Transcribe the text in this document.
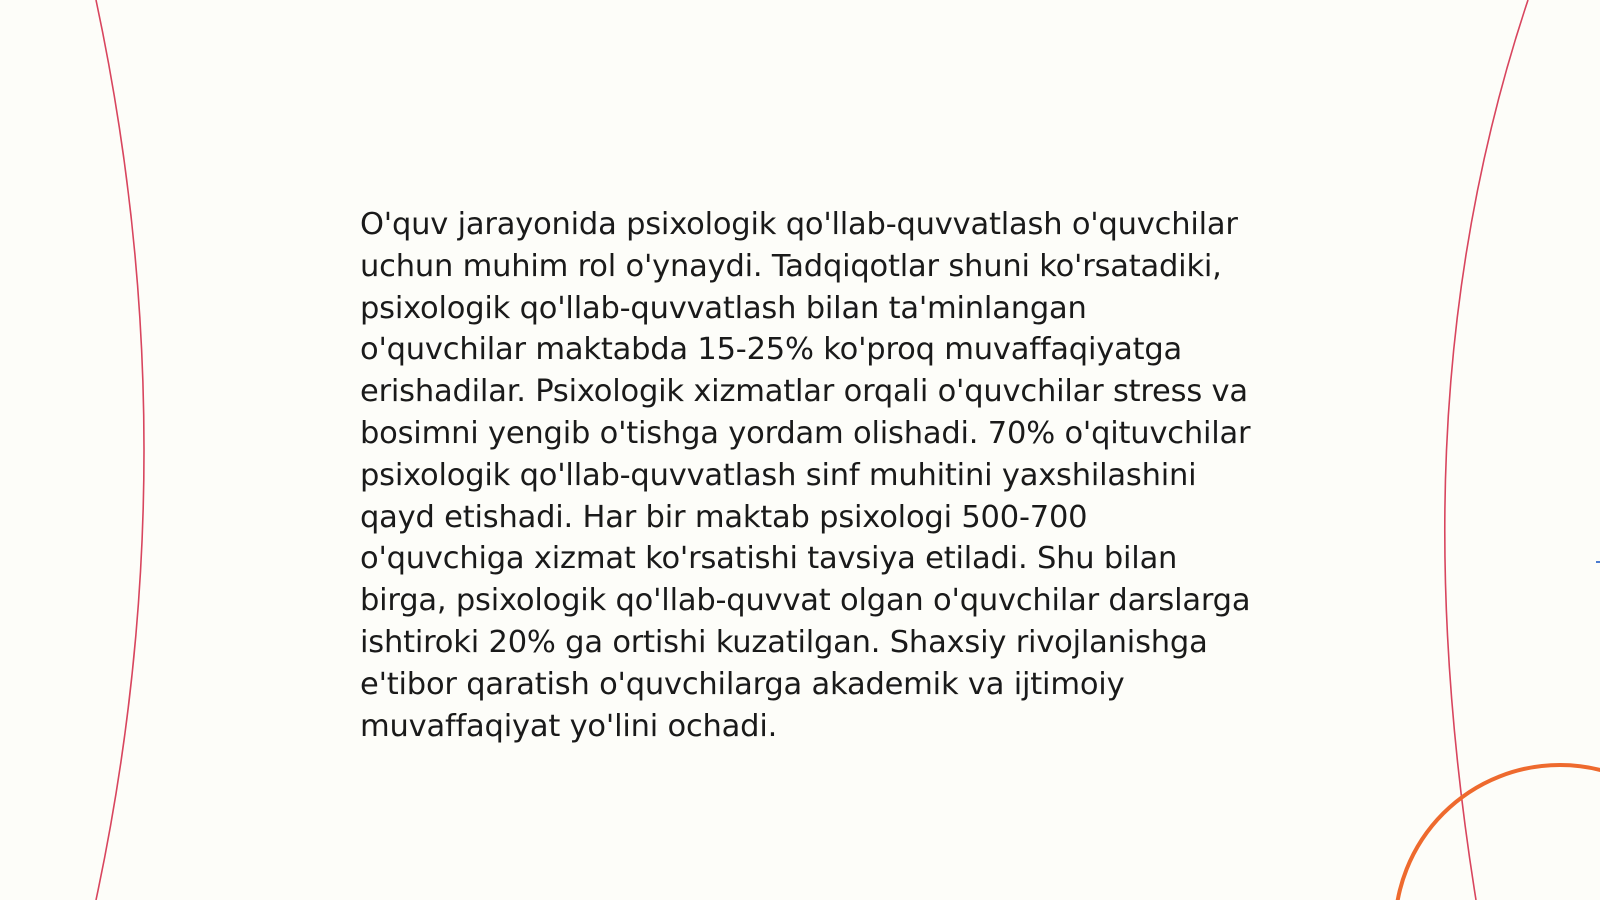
O'quv jarayonida psixologik qo'llab-quvvatlash o'quvchilar uchun muhim rol o'ynaydi. Tadqiqotlar shuni ko'rsatadiki, psixologik qo'llab-quvvatlash bilan ta'minlangan o'quvchilar maktabda 15-25% ko'proq muvaffaqiyatga erishadilar. Psixologik xizmatlar orqali o'quvchilar stress va bosimni yengib o'tishga yordam olishadi. 70% o'qituvchilar psixologik qo'llab-quvvatlash sinf muhitini yaxshilashini qayd etishadi. Har bir maktab psixologi 500-700 o'quvchiga xizmat ko'rsatishi tavsiya etiladi. Shu bilan birga, psixologik qo'llab-quvvat olgan o'quvchilar darslarga ishtiroki 20% ga ortishi kuzatilgan. Shaxsiy rivojlanishga e'tibor qaratish o'quvchilarga akademik va ijtimoiy muvaffaqiyat yo'lini ochadi.
